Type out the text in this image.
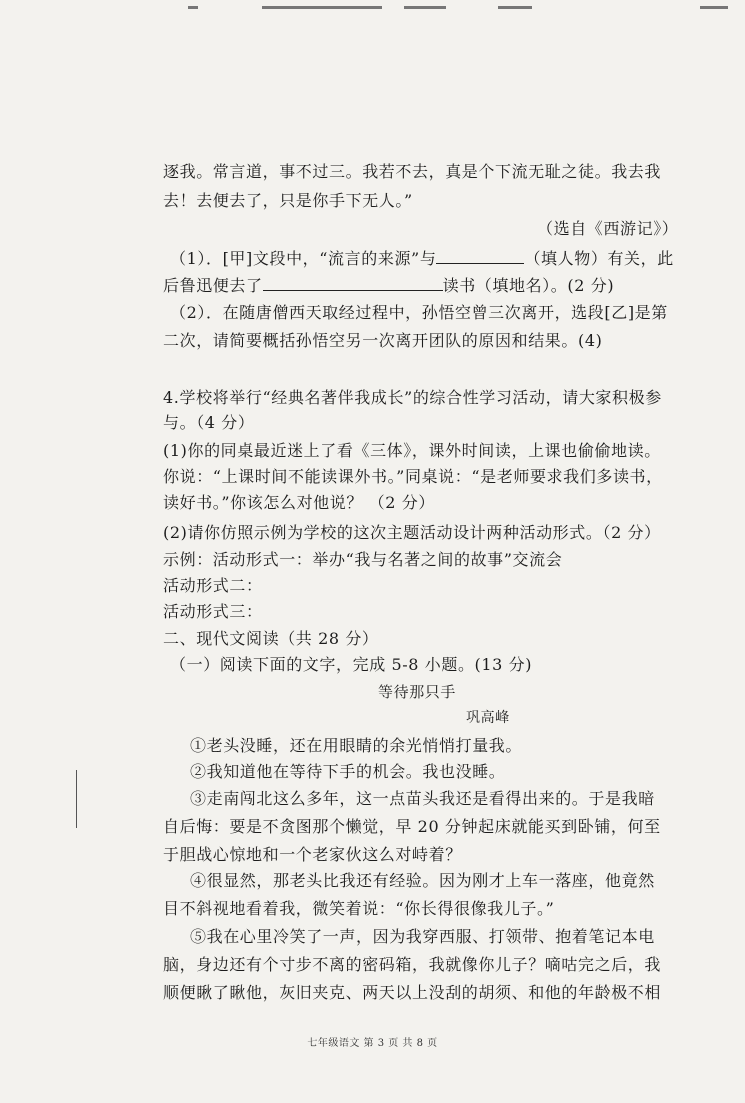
逐我。常言道，事不过三。我若不去，真是个下流无耻之徒。我去我
去！去便去了，只是你手下无人。”
（选自《西游记》）
（1）．[甲]文段中，“流言的来源”与	（填人物）有关，此
后鲁迅便去了	读书（填地名）。(2 分)
（2）．在随唐僧西天取经过程中，孙悟空曾三次离开，选段[乙]是第
二次，请简要概括孙悟空另一次离开团队的原因和结果。(4)
4.学校将举行“经典名著伴我成长”的综合性学习活动，请大家积极参
与。（4 分）
(1)你的同桌最近迷上了看《三体》，课外时间读，上课也偷偷地读。
你说：“上课时间不能读课外书。”同桌说：“是老师要求我们多读书，
读好书。”你该怎么对他说？ （2 分）
(2)请你仿照示例为学校的这次主题活动设计两种活动形式。（2 分）
示例：活动形式一：举办“我与名著之间的故事”交流会
活动形式二：
活动形式三：
二、现代文阅读（共 28 分）
（一）阅读下面的文字，完成 5-8 小题。(13 分)
等待那只手
巩高峰
①老头没睡，还在用眼睛的余光悄悄打量我。
②我知道他在等待下手的机会。我也没睡。
③走南闯北这么多年，这一点苗头我还是看得出来的。于是我暗
自后悔：要是不贪图那个懒觉，早 20 分钟起床就能买到卧铺，何至
于胆战心惊地和一个老家伙这么对峙着？
④很显然，那老头比我还有经验。因为刚才上车一落座，他竟然
目不斜视地看着我，微笑着说：“你长得很像我儿子。”
⑤我在心里冷笑了一声，因为我穿西服、打领带、抱着笔记本电
脑，身边还有个寸步不离的密码箱，我就像你儿子？嘀咕完之后，我
顺便瞅了瞅他，灰旧夹克、两天以上没刮的胡须、和他的年龄极不相
七年级语文 第 3 页 共 8 页
